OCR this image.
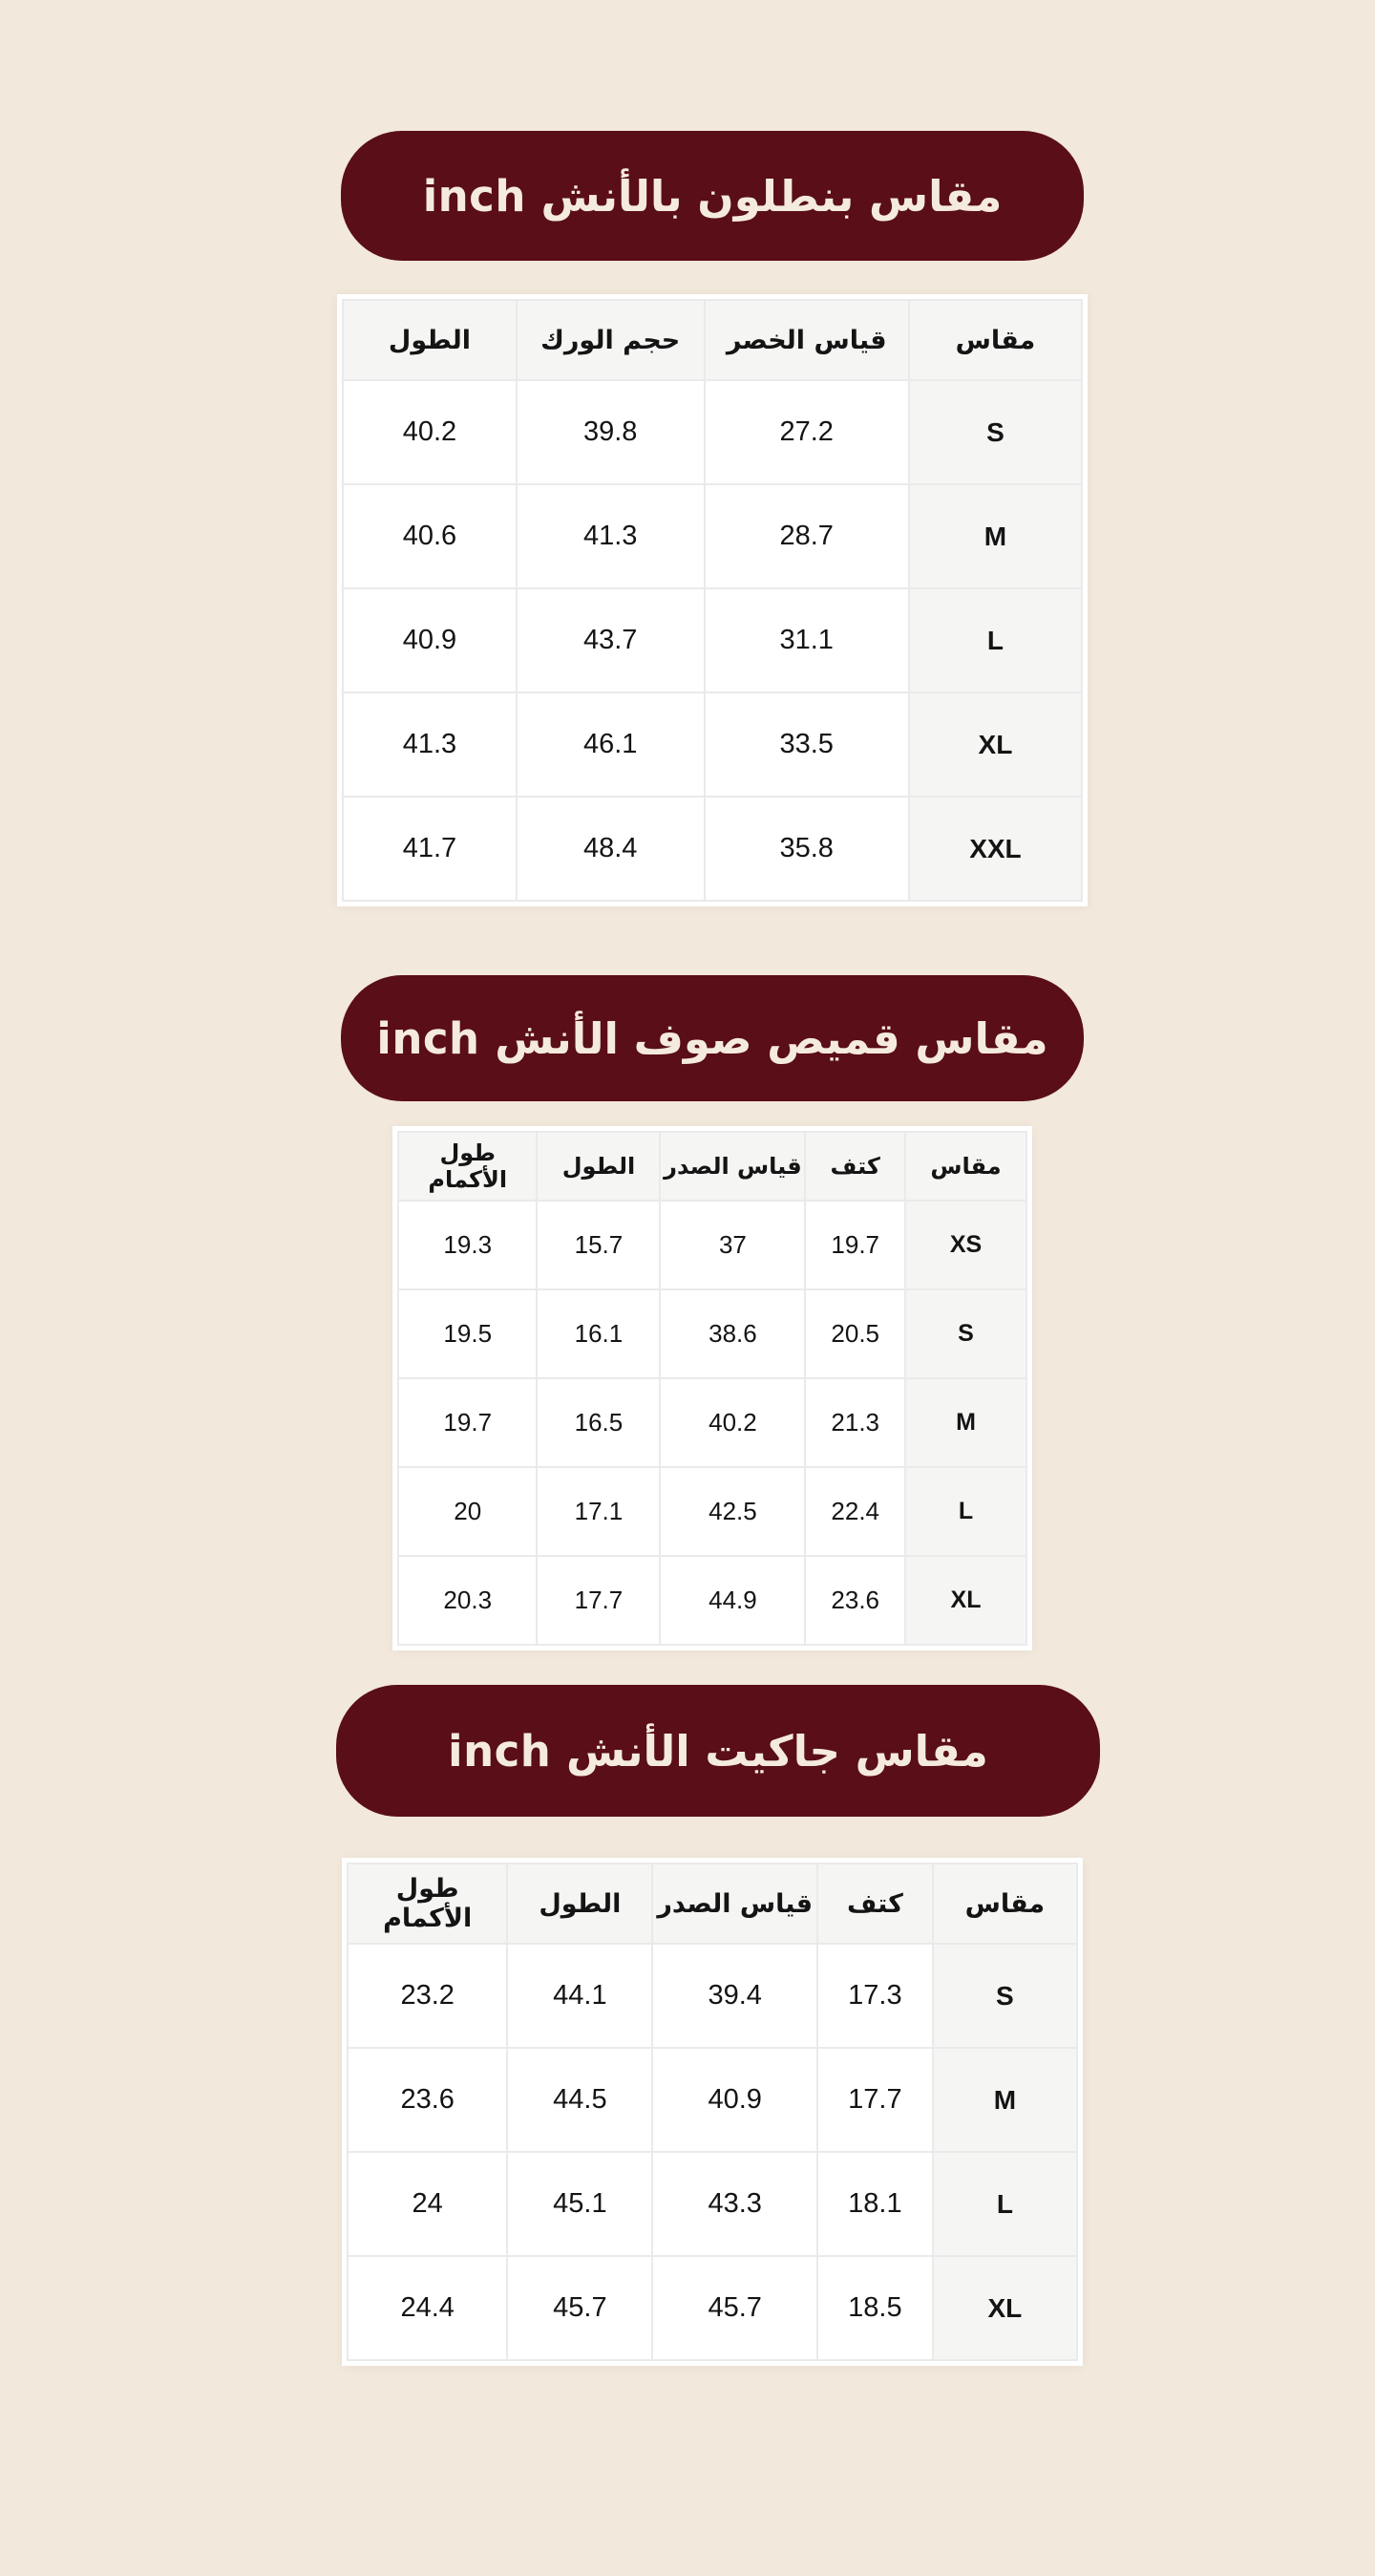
مقاس بنطلون بالأنش inch
مقاس	قياس الخصر	حجم الورك	الطول
S	27.2	39.8	40.2
M	28.7	41.3	40.6
L	31.1	43.7	40.9
XL	33.5	46.1	41.3
XXL	35.8	48.4	41.7
مقاس قميص صوف الأنش inch
مقاس	كتف	قياس الصدر	الطول	طول الأكمام
XS	19.7	37	15.7	19.3
S	20.5	38.6	16.1	19.5
M	21.3	40.2	16.5	19.7
L	22.4	42.5	17.1	20
XL	23.6	44.9	17.7	20.3
مقاس جاكيت الأنش inch
مقاس	كتف	قياس الصدر	الطول	طول الأكمام
S	17.3	39.4	44.1	23.2
M	17.7	40.9	44.5	23.6
L	18.1	43.3	45.1	24
XL	18.5	45.7	45.7	24.4
